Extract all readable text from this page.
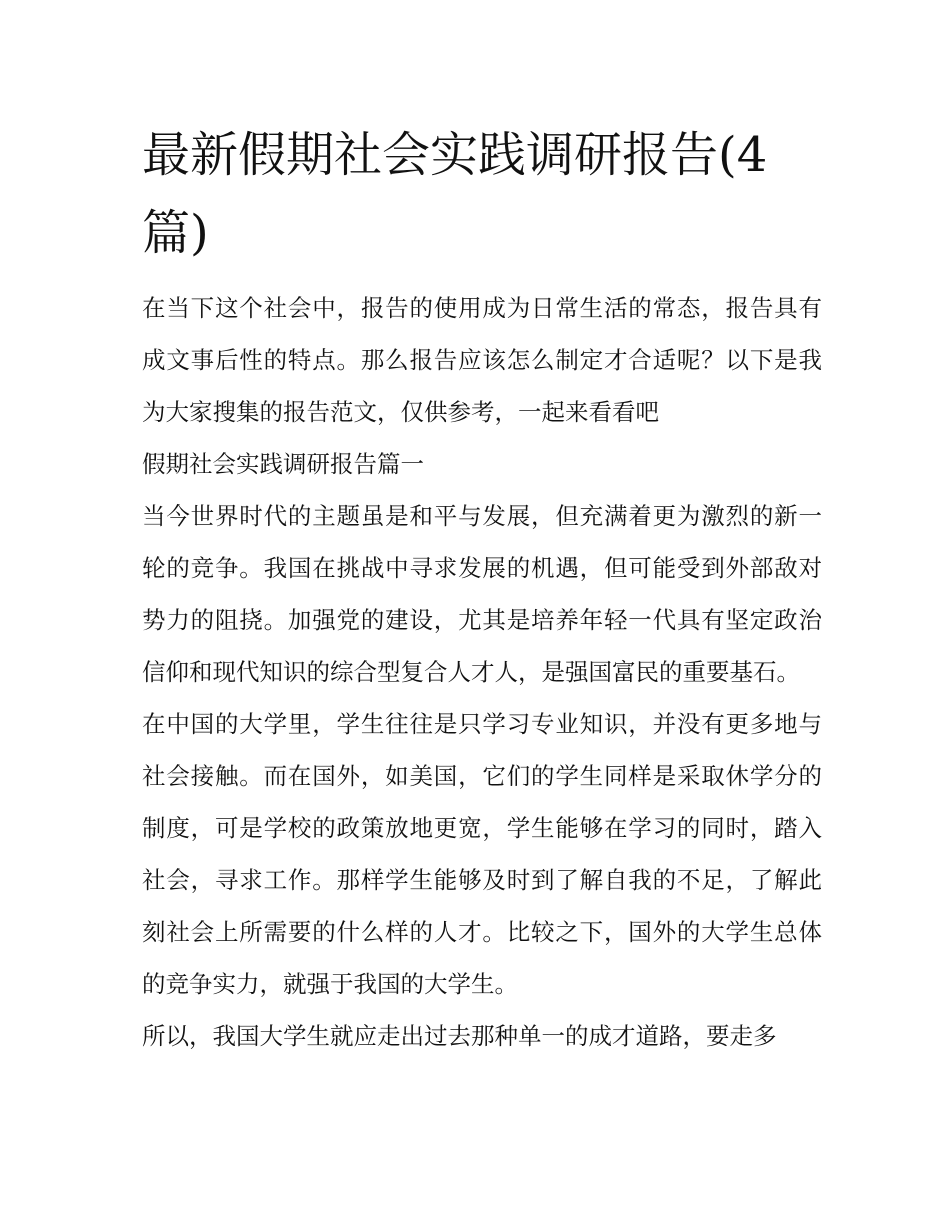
最新假期社会实践调研报告(4篇)

在当下这个社会中，报告的使用成为日常生活的常态，报告具有成文事后性的特点。那么报告应该怎么制定才合适呢？以下是我为大家搜集的报告范文，仅供参考，一起来看看吧

假期社会实践调研报告篇一

当今世界时代的主题虽是和平与发展，但充满着更为激烈的新一轮的竞争。我国在挑战中寻求发展的机遇，但可能受到外部敌对势力的阻挠。加强党的建设，尤其是培养年轻一代具有坚定政治信仰和现代知识的综合型复合人才人，是强国富民的重要基石。

在中国的大学里，学生往往是只学习专业知识，并没有更多地与社会接触。而在国外，如美国，它们的学生同样是采取休学分的制度，可是学校的政策放地更宽，学生能够在学习的同时，踏入社会，寻求工作。那样学生能够及时到了解自我的不足，了解此刻社会上所需要的什么样的人才。比较之下，国外的大学生总体的竞争实力，就强于我国的大学生。

所以，我国大学生就应走出过去那种单一的成才道路，要走多
